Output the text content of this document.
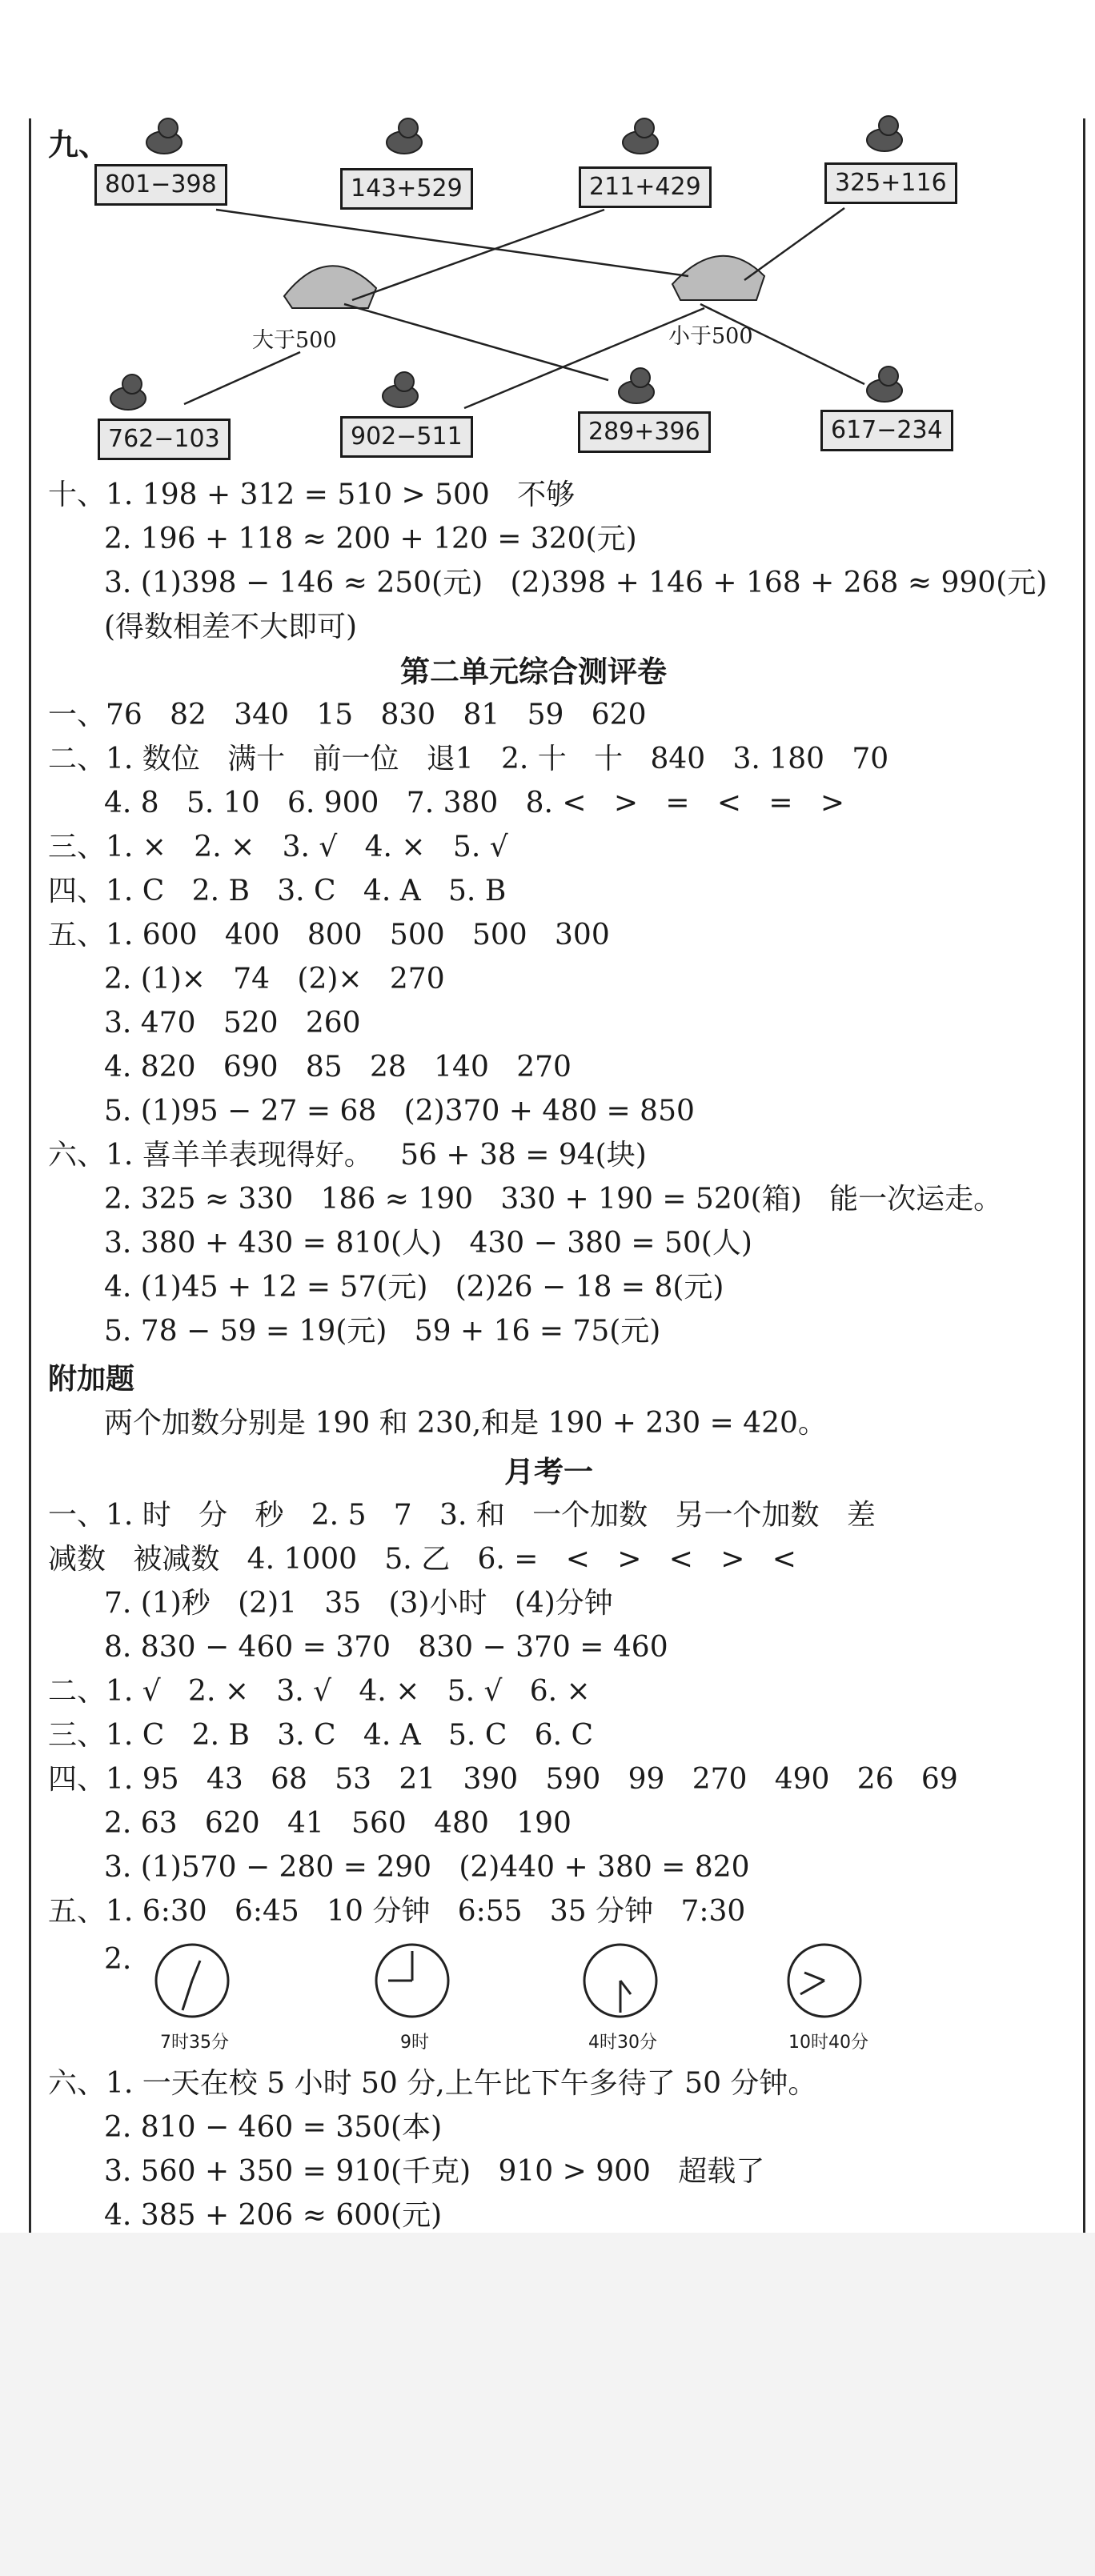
九、
801−398	143+529	211+429	325+116
762−103	902−511	289+396	617−234
大于500	小于500
十、1. 198 + 312 = 510 > 500   不够
2. 196 + 118 ≈ 200 + 120 = 320(元)
3. (1)398 − 146 ≈ 250(元)   (2)398 + 146 + 168 + 268 ≈ 990(元)
(得数相差不大即可)
第二单元综合测评卷
一、76   82   340   15   830   81   59   620
二、1. 数位   满十   前一位   退1   2. 十   十   840   3. 180   70
4. 8   5. 10   6. 900   7. 380   8. <   >   =   <   =   >
三、1. ×   2. ×   3. √   4. ×   5. √
四、1. C   2. B   3. C   4. A   5. B
五、1. 600   400   800   500   500   300
2. (1)×   74   (2)×   270
3. 470   520   260
4. 820   690   85   28   140   270
5. (1)95 − 27 = 68   (2)370 + 480 = 850
六、1. 喜羊羊表现得好。   56 + 38 = 94(块)
2. 325 ≈ 330   186 ≈ 190   330 + 190 = 520(箱)   能一次运走。
3. 380 + 430 = 810(人)   430 − 380 = 50(人)
4. (1)45 + 12 = 57(元)   (2)26 − 18 = 8(元)
5. 78 − 59 = 19(元)   59 + 16 = 75(元)
附加题
两个加数分别是 190 和 230,和是 190 + 230 = 420。
月考一
一、1. 时   分   秒   2. 5   7   3. 和   一个加数   另一个加数   差
减数   被减数   4. 1000   5. 乙   6. =   <   >   <   >   <
7. (1)秒   (2)1   35   (3)小时   (4)分钟
8. 830 − 460 = 370   830 − 370 = 460
二、1. √   2. ×   3. √   4. ×   5. √   6. ×
三、1. C   2. B   3. C   4. A   5. C   6. C
四、1. 95   43   68   53   21   390   590   99   270   490   26   69
2. 63   620   41   560   480   190
3. (1)570 − 280 = 290   (2)440 + 380 = 820
五、1. 6:30   6:45   10 分钟   6:55   35 分钟   7:30
2.
7时35分	9时	4时30分	10时40分
六、1. 一天在校 5 小时 50 分,上午比下午多待了 50 分钟。
2. 810 − 460 = 350(本)
3. 560 + 350 = 910(千克)   910 > 900   超载了
4. 385 + 206 ≈ 600(元)
